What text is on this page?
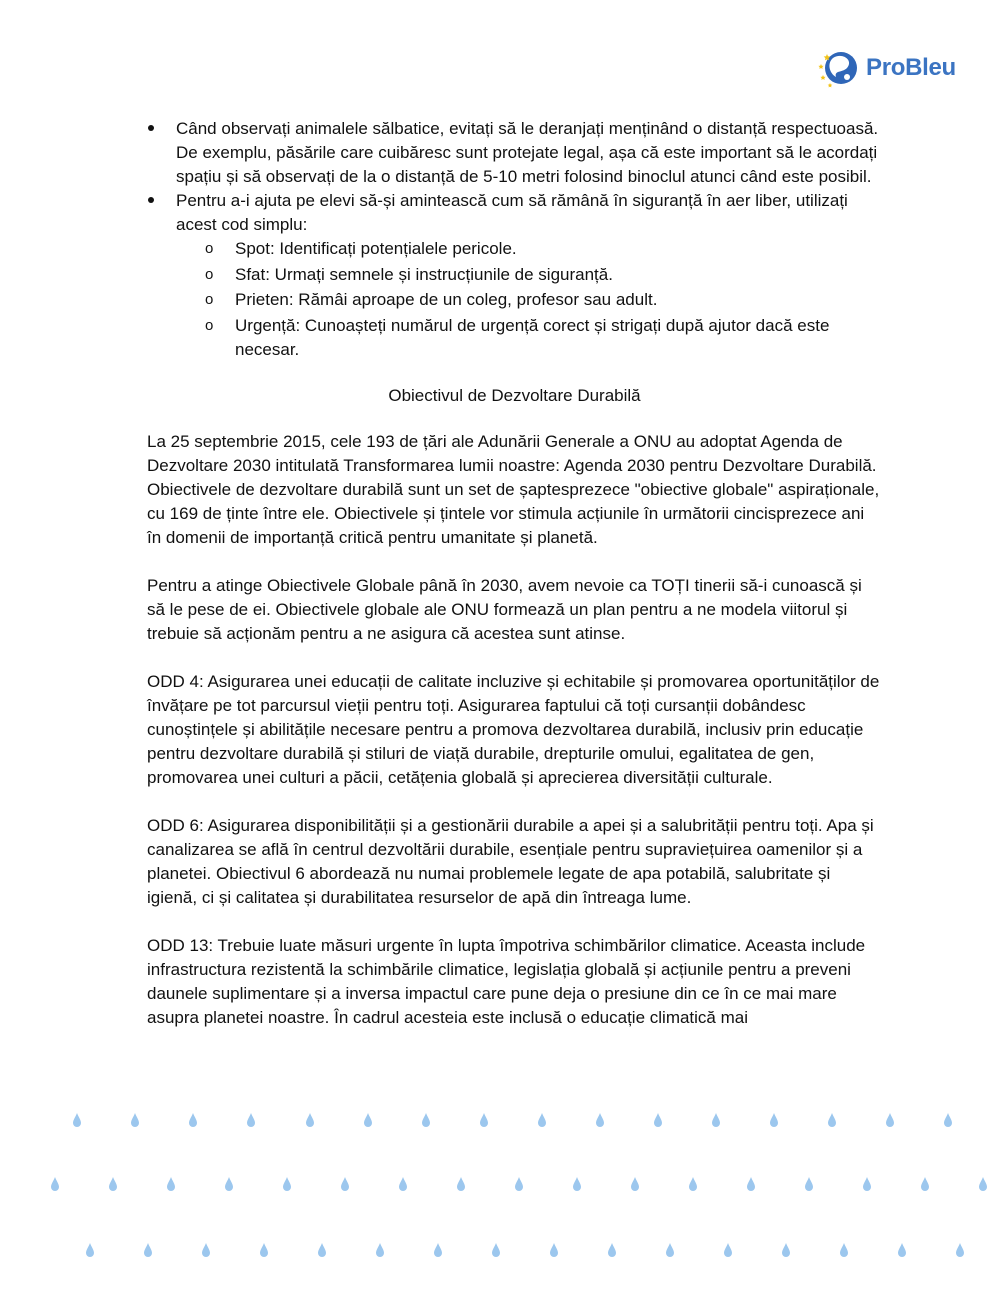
ProBleu
Când observați animalele sălbatice, evitați să le deranjați menținând o distanță respectuoasă. De exemplu, păsările care cuibăresc sunt protejate legal, așa că este important să le acordați spațiu și să observați de la o distanță de 5-10 metri folosind binoclul atunci când este posibil.
Pentru a-i ajuta pe elevi să-și amintească cum să rămână în siguranță în aer liber, utilizați acest cod simplu:
o Spot: Identificați potențialele pericole.
o Sfat: Urmați semnele și instrucțiunile de siguranță.
o Prieten: Rămâi aproape de un coleg, profesor sau adult.
o Urgență: Cunoașteți numărul de urgență corect și strigați după ajutor dacă este necesar.
Obiectivul de Dezvoltare Durabilă

La 25 septembrie 2015, cele 193 de țări ale Adunării Generale a ONU au adoptat Agenda de Dezvoltare 2030 intitulată Transformarea lumii noastre: Agenda 2030 pentru Dezvoltare Durabilă. Obiectivele de dezvoltare durabilă sunt un set de șaptesprezece "obiective globale" aspiraționale, cu 169 de ținte între ele. Obiectivele și țintele vor stimula acțiunile în următorii cincisprezece ani în domenii de importanță critică pentru umanitate și planetă.

Pentru a atinge Obiectivele Globale până în 2030, avem nevoie ca TOȚI tinerii să-i cunoască și să le pese de ei. Obiectivele globale ale ONU formează un plan pentru a ne modela viitorul și trebuie să acționăm pentru a ne asigura că acestea sunt atinse.

ODD 4: Asigurarea unei educații de calitate incluzive și echitabile și promovarea oportunităților de învățare pe tot parcursul vieții pentru toți. Asigurarea faptului că toți cursanții dobândesc cunoștințele și abilitățile necesare pentru a promova dezvoltarea durabilă, inclusiv prin educație pentru dezvoltare durabilă și stiluri de viață durabile, drepturile omului, egalitatea de gen, promovarea unei culturi a păcii, cetățenia globală și aprecierea diversității culturale.

ODD 6: Asigurarea disponibilității și a gestionării durabile a apei și a salubrității pentru toți. Apa și canalizarea se află în centrul dezvoltării durabile, esențiale pentru supraviețuirea oamenilor și a planetei. Obiectivul 6 abordează nu numai problemele legate de apa potabilă, salubritate și igienă, ci și calitatea și durabilitatea resurselor de apă din întreaga lume.

ODD 13: Trebuie luate măsuri urgente în lupta împotriva schimbărilor climatice. Aceasta include infrastructura rezistentă la schimbările climatice, legislația globală și acțiunile pentru a preveni daunele suplimentare și a inversa impactul care pune deja o presiune din ce în ce mai mare asupra planetei noastre. În cadrul acesteia este inclusă o educație climatică mai
